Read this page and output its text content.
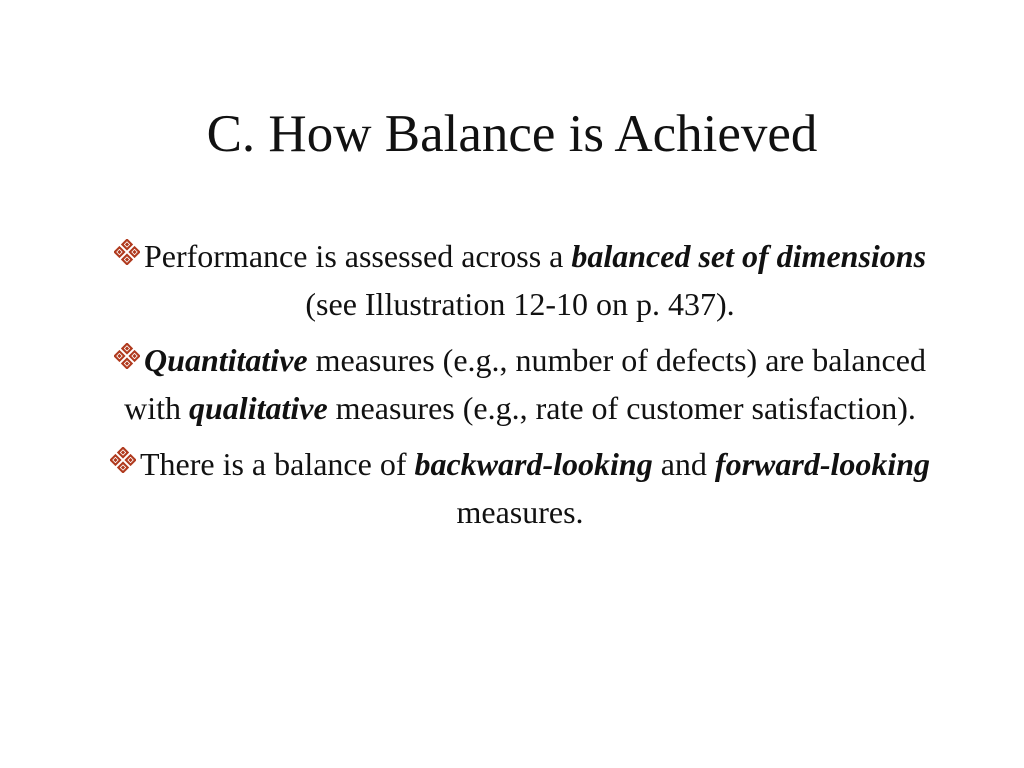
C. How Balance is Achieved
Performance is assessed across a balanced set of dimensions (see Illustration 12-10 on p. 437).
Quantitative measures (e.g., number of defects) are balanced with qualitative measures (e.g., rate of customer satisfaction).
There is a balance of backward-looking and forward-looking measures.
